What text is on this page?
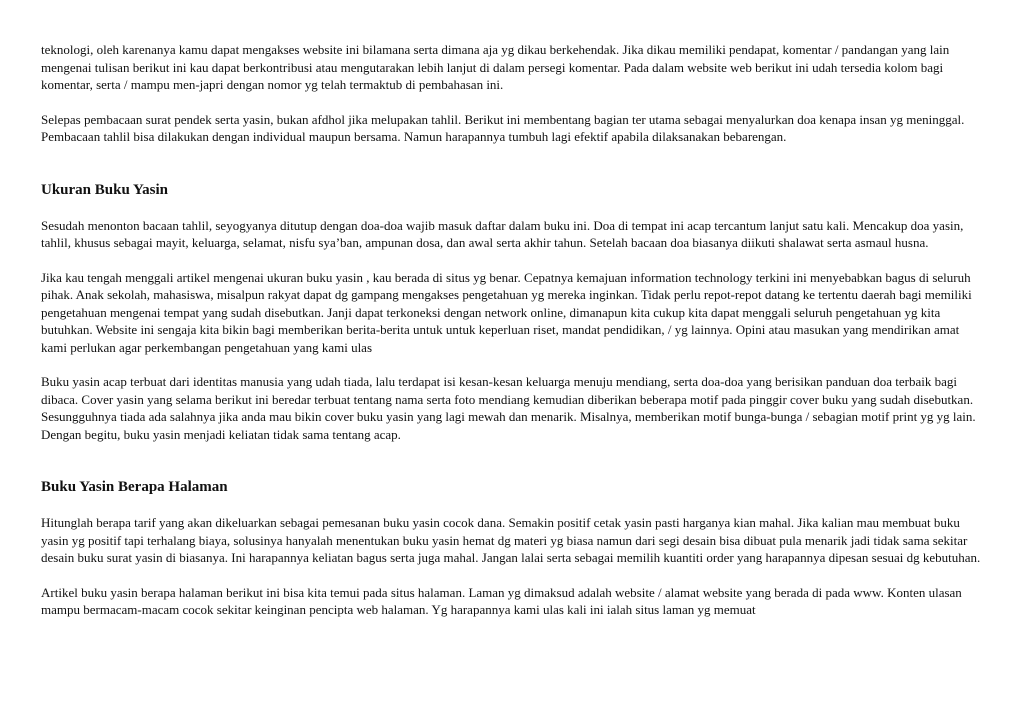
teknologi, oleh karenanya kamu dapat mengakses website ini bilamana serta dimana aja yg dikau berkehendak. Jika dikau memiliki pendapat, komentar / pandangan yang lain mengenai tulisan berikut ini kau dapat berkontribusi atau mengutarakan lebih lanjut di dalam persegi komentar. Pada dalam website web berikut ini udah tersedia kolom bagi komentar, serta / mampu men-japri dengan nomor yg telah termaktub di pembahasan ini.

Selepas pembacaan surat pendek serta yasin, bukan afdhol jika melupakan tahlil. Berikut ini membentang bagian ter utama sebagai menyalurkan doa kenapa insan yg meninggal. Pembacaan tahlil bisa dilakukan dengan individual maupun bersama. Namun harapannya tumbuh lagi efektif apabila dilaksanakan bebarengan.

Ukuran Buku Yasin

Sesudah menonton bacaan tahlil, seyogyanya ditutup dengan doa-doa wajib masuk daftar dalam buku ini. Doa di tempat ini acap tercantum lanjut satu kali. Mencakup doa yasin, tahlil, khusus sebagai mayit, keluarga, selamat, nisfu sya’ban, ampunan dosa, dan awal serta akhir tahun. Setelah bacaan doa biasanya diikuti shalawat serta asmaul husna.

Jika kau tengah menggali artikel mengenai ukuran buku yasin , kau berada di situs yg benar. Cepatnya kemajuan information technology terkini ini menyebabkan bagus di seluruh pihak. Anak sekolah, mahasiswa, misalpun rakyat dapat dg gampang mengakses pengetahuan yg mereka inginkan. Tidak perlu repot-repot datang ke tertentu daerah bagi memiliki pengetahuan mengenai tempat yang sudah disebutkan. Janji dapat terkoneksi dengan network online, dimanapun kita cukup kita dapat menggali seluruh pengetahuan yg kita butuhkan. Website ini sengaja kita bikin bagi memberikan berita-berita untuk untuk keperluan riset, mandat pendidikan, / yg lainnya. Opini atau masukan yang mendirikan amat kami perlukan agar perkembangan pengetahuan yang kami ulas

Buku yasin acap terbuat dari identitas manusia yang udah tiada, lalu terdapat isi kesan-kesan keluarga menuju mendiang, serta doa-doa yang berisikan panduan doa terbaik bagi dibaca. Cover yasin yang selama berikut ini beredar terbuat tentang nama serta foto mendiang kemudian diberikan beberapa motif pada pinggir cover buku yang sudah disebutkan. Sesungguhnya tiada ada salahnya jika anda mau bikin cover buku yasin yang lagi mewah dan menarik. Misalnya, memberikan motif bunga-bunga / sebagian motif print yg yg lain. Dengan begitu, buku yasin menjadi keliatan tidak sama tentang acap.

Buku Yasin Berapa Halaman

Hitunglah berapa tarif yang akan dikeluarkan sebagai pemesanan buku yasin cocok dana. Semakin positif cetak yasin pasti harganya kian mahal. Jika kalian mau membuat buku yasin yg positif tapi terhalang biaya, solusinya hanyalah menentukan buku yasin hemat dg materi yg biasa namun dari segi desain bisa dibuat pula menarik jadi tidak sama sekitar desain buku surat yasin di biasanya. Ini harapannya keliatan bagus serta juga mahal. Jangan lalai serta sebagai memilih kuantiti order yang harapannya dipesan sesuai dg kebutuhan.

Artikel buku yasin berapa halaman berikut ini bisa kita temui pada situs halaman. Laman yg dimaksud adalah website / alamat website yang berada di pada www. Konten ulasan mampu bermacam-macam cocok sekitar keinginan pencipta web halaman. Yg harapannya kami ulas kali ini ialah situs laman yg memuat
